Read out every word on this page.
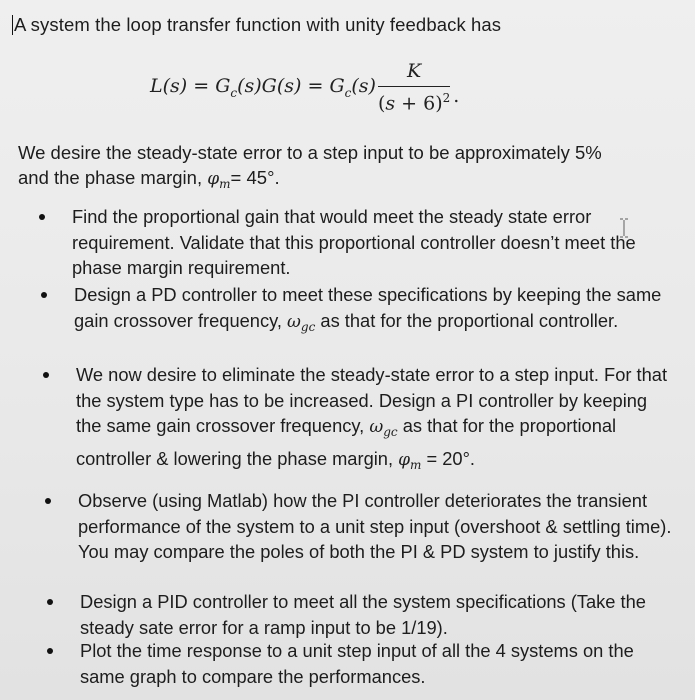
A system the loop transfer function with unity feedback has
$L(s) = G_c(s)G(s) = G_c(s) \frac{K}{(s + 6)^2}$ .
We desire the steady-state error to a step input to be approximately 5%
and the phase margin, $\varphi_m= 45^\circ$.
Find the proportional gain that would meet the steady state error requirement. Validate that this proportional controller doesn’t meet the phase margin requirement.
Design a PD controller to meet these specifications by keeping the same gain crossover frequency, $\omega_{gc}$ as that for the proportional controller.
We now desire to eliminate the steady-state error to a step input. For that the system type has to be increased. Design a PI controller by keeping the same gain crossover frequency, $\omega_{gc}$ as that for the proportional controller & lowering the phase margin, $\varphi_m = 20^\circ$.
Observe (using Matlab) how the PI controller deteriorates the transient performance of the system to a unit step input (overshoot & settling time). You may compare the poles of both the PI & PD system to justify this.
Design a PID controller to meet all the system specifications (Take the steady sate error for a ramp input to be 1/19).
Plot the time response to a unit step input of all the 4 systems on the same graph to compare the performances.
